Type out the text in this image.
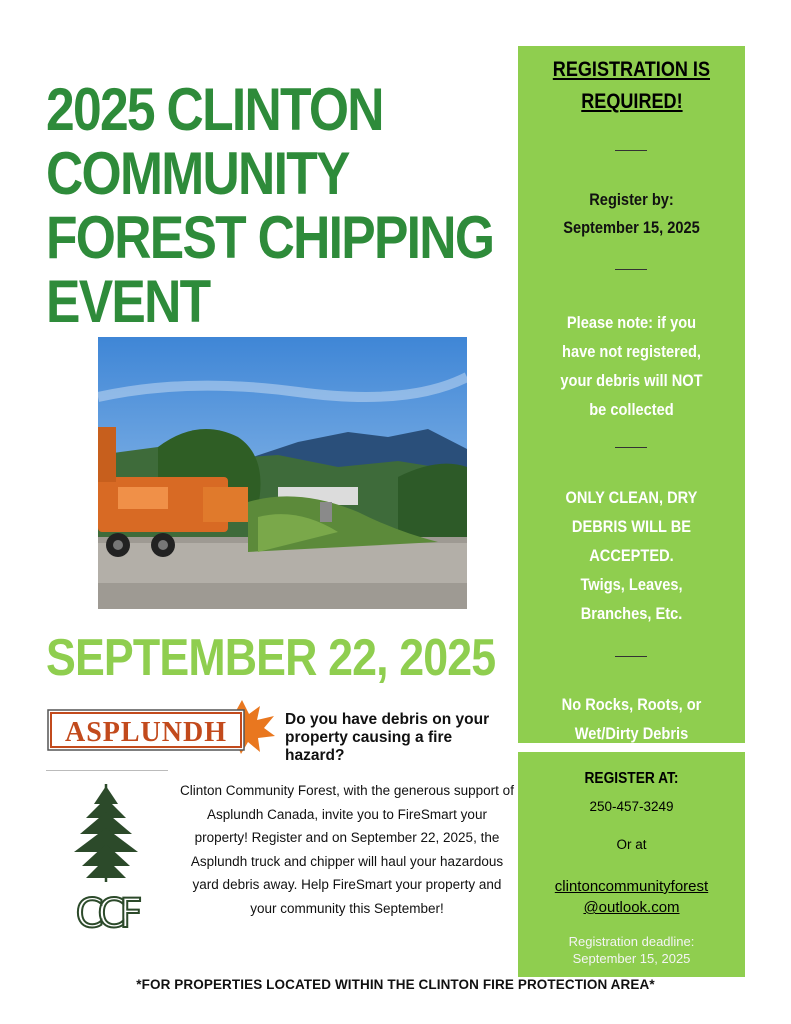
2025 CLINTON
COMMUNITY
FOREST CHIPPING
EVENT
SEPTEMBER 22, 2025
ASPLUNDH	Do you have debris on your property causing a fire hazard?
CCF
Clinton Community Forest, with the generous support of Asplundh Canada, invite you to FireSmart your property! Register and on September 22, 2025, the Asplundh truck and chipper will haul your hazardous yard debris away. Help FireSmart your property and your community this September!
REGISTRATION IS
REQUIRED!
Register by:
September 15, 2025
Please note: if you
have not registered,
your debris will NOT
be collected
ONLY CLEAN, DRY
DEBRIS WILL BE
ACCEPTED.
Twigs, Leaves,
Branches, Etc.
No Rocks, Roots, or
Wet/Dirty Debris
REGISTER AT:
250-457-3249
Or at
clintoncommunityforest
@outlook.com
Registration deadline:
September 15, 2025
*FOR PROPERTIES LOCATED WITHIN THE CLINTON FIRE PROTECTION AREA*
